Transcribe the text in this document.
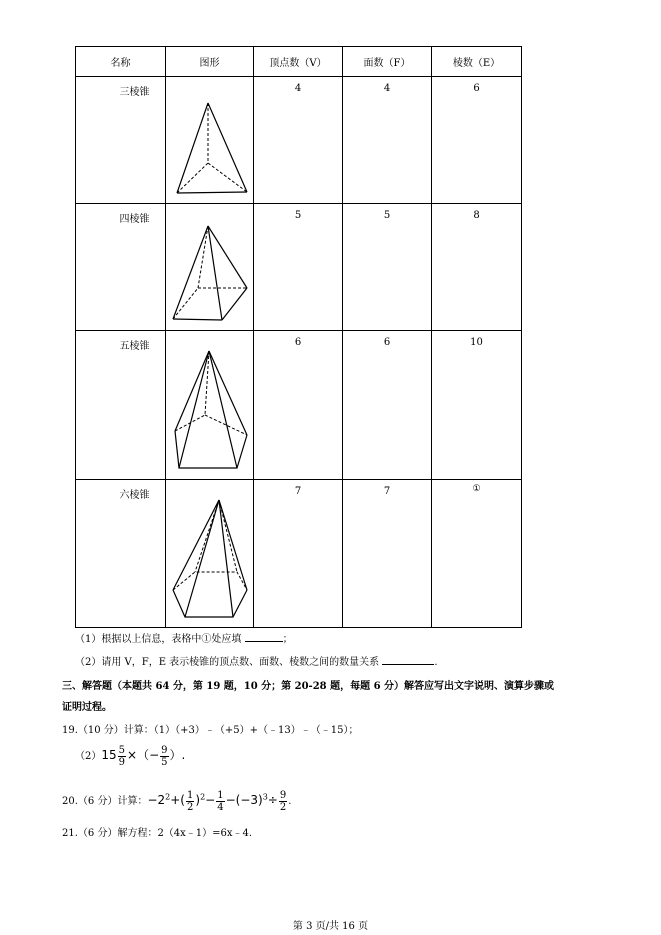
名称	图形	顶点数（V）	面数（F）	棱数（E）

三棱锥		4	4	6

四棱锥		5	5	8

五棱锥		6	6	10

六棱锥		7	7	①
（1）根据以上信息，表格中①处应填	；
（2）请用 V，F，E 表示棱锥的顶点数、面数、棱数之间的数量关系	.
三、解答题（本题共 64 分，第 19 题，10 分；第 20-28 题，每题 6 分）解答应写出文字说明、演算步骤或
证明过程。
19.（10 分）计算：（1）（+3）﹣（+5）+（﹣13）﹣（﹣15）；
$(2)15 \frac{5}{9}$ ×（− $\frac{9}{5}$ ）.
20.（6 分）计算：$-2^2+( \frac{1}{2} )^2- \frac{1}{4} -(-3)^3\div \frac{9}{2}$ .
21.（6 分）解方程：2（4x﹣1）=6x﹣4.
第 3 页/共 16 页
